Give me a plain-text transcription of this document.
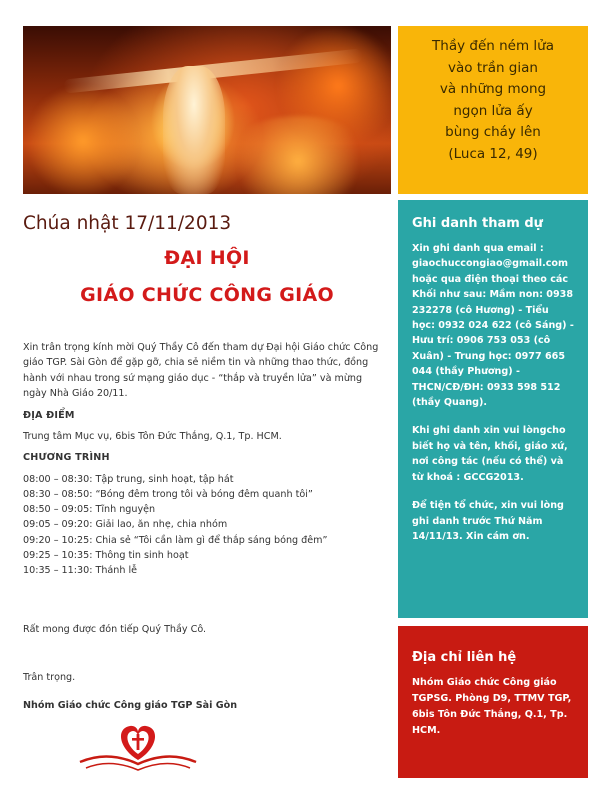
Thầy đến ném lửa
vào trần gian
và những mong
ngọn lửa ấy
bùng cháy lên
(Luca 12, 49)
Chúa nhật 17/11/2013
ĐẠI HỘI
GIÁO CHỨC CÔNG GIÁO
Xin trân trọng kính mời Quý Thầy Cô đến tham dự Đại hội Giáo chức Công giáo TGP. Sài Gòn để gặp gỡ, chia sẻ niềm tin và những thao thức, đồng hành với nhau trong sứ mạng giáo dục - “thắp và truyền lửa” và mừng ngày Nhà Giáo 20/11.
ĐỊA ĐIỂM
Trung tâm Mục vụ, 6bis Tôn Đức Thắng, Q.1, Tp. HCM.
CHƯƠNG TRÌNH
08:00 – 08:30: Tập trung, sinh hoạt, tập hát
08:30 – 08:50: “Bóng đêm trong tôi và bóng đêm quanh tôi”
08:50 – 09:05: Tĩnh nguyện
09:05 – 09:20: Giải lao, ăn nhẹ, chia nhóm
09:20 – 10:25: Chia sẻ “Tôi cần làm gì để thắp sáng bóng đêm”
09:25 – 10:35: Thông tin sinh hoạt
10:35 – 11:30: Thánh lễ
Rất mong được đón tiếp Quý Thầy Cô.
Trân trọng.
Nhóm Giáo chức Công giáo TGP Sài Gòn
Ghi danh tham dự
Xin ghi danh qua email : giaochuccongiao@gmail.com hoặc qua điện thoại theo các Khối như sau: Mầm non: 0938 232278 (cô Hương) - Tiểu học: 0932 024 622 (cô Sáng) - Hưu trí: 0906 753 053 (cô Xuân) - Trung học: 0977 665 044 (thầy Phương) - THCN/CĐ/ĐH: 0933 598 512 (thầy Quang).
Khi ghi danh xin vui lòngcho biết họ và tên, khối, giáo xứ, nơi công tác (nếu có thể) và từ khoá : GCCG2013.
Để tiện tổ chức, xin vui lòng ghi danh trước Thứ Năm 14/11/13. Xin cám ơn.
Địa chỉ liên hệ
Nhóm Giáo chức Công giáo TGPSG. Phòng D9, TTMV TGP, 6bis Tôn Đức Thắng, Q.1, Tp. HCM.
